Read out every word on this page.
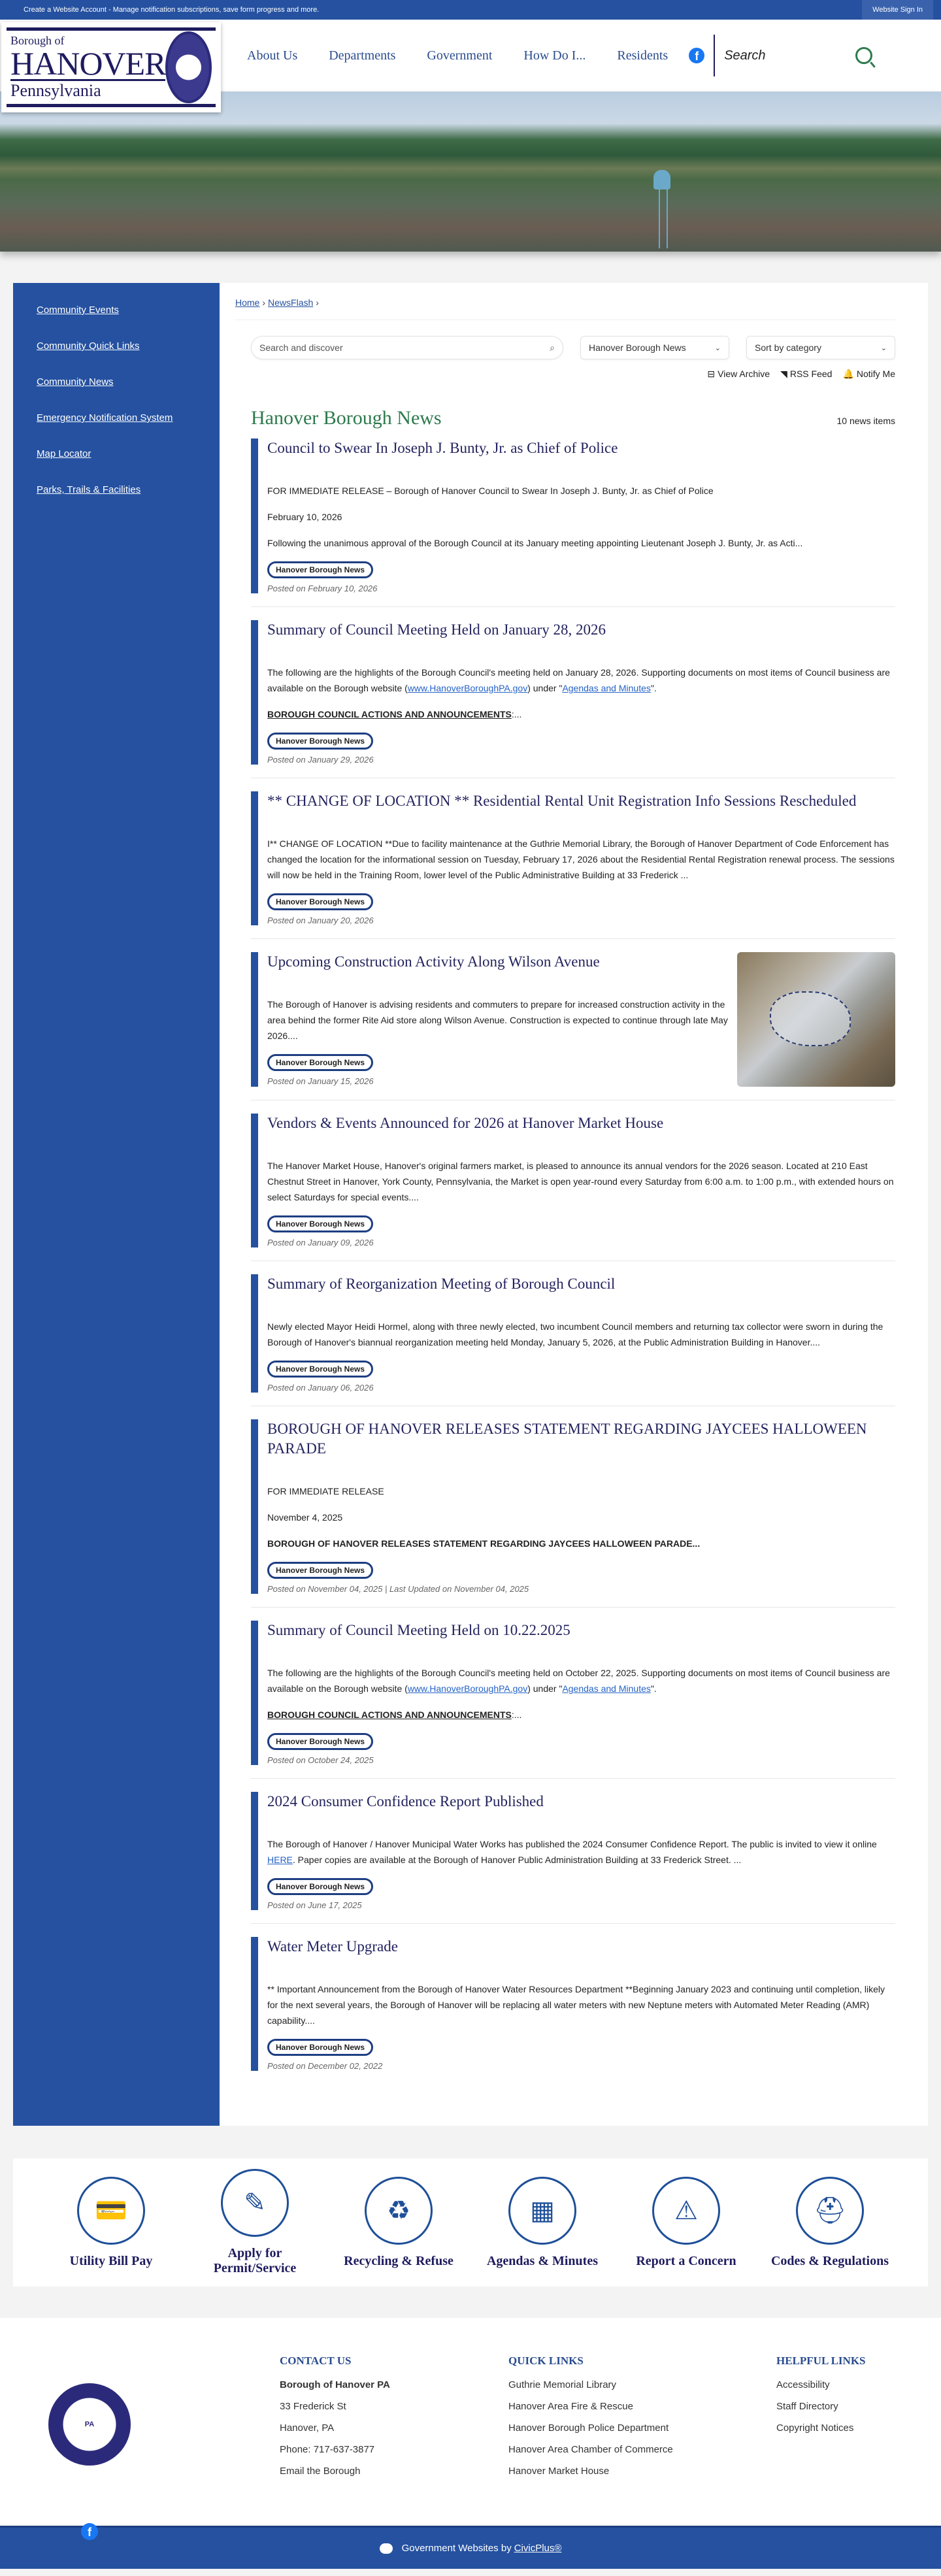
Create a Website Account - Manage notification subscriptions, save form progress and more.	Website Sign In
Borough of
HANOVER
Pennsylvania
About Us Departments Government How Do I... Residents	f	Search
Community Events
Community Quick Links
Community News
Emergency Notification System
Map Locator
Parks, Trails & Facilities
Home › NewsFlash ›
Search and discover	⌕	Hanover Borough News	⌄	Sort by category	⌄
⊟ View Archive ◥ RSS Feed 🔔 Notify Me
Hanover Borough News	10 news items
Council to Swear In Joseph J. Bunty, Jr. as Chief of Police

FOR IMMEDIATE RELEASE – Borough of Hanover Council to Swear In Joseph J. Bunty, Jr. as Chief of Police

February 10, 2026

Following the unanimous approval of the Borough Council at its January meeting appointing Lieutenant Joseph J. Bunty, Jr. as Acti...

Hanover Borough News
Posted on February 10, 2026
Summary of Council Meeting Held on January 28, 2026

The following are the highlights of the Borough Council's meeting held on January 28, 2026. Supporting documents on most items of Council business are available on the Borough website (www.HanoverBoroughPA.gov) under "Agendas and Minutes".

BOROUGH COUNCIL ACTIONS AND ANNOUNCEMENTS:...

Hanover Borough News
Posted on January 29, 2026
** CHANGE OF LOCATION ** Residential Rental Unit Registration Info Sessions Rescheduled

I** CHANGE OF LOCATION **Due to facility maintenance at the Guthrie Memorial Library, the Borough of Hanover Department of Code Enforcement has changed the location for the informational session on Tuesday, February 17, 2026 about the Residential Rental Registration renewal process. The sessions will now be held in the Training Room, lower level of the Public Administrative Building at 33 Frederick ...

Hanover Borough News
Posted on January 20, 2026
Upcoming Construction Activity Along Wilson Avenue

The Borough of Hanover is advising residents and commuters to prepare for increased construction activity in the area behind the former Rite Aid store along Wilson Avenue. Construction is expected to continue through late May 2026....

Hanover Borough News
Posted on January 15, 2026
Vendors & Events Announced for 2026 at Hanover Market House

The Hanover Market House, Hanover's original farmers market, is pleased to announce its annual vendors for the 2026 season. Located at 210 East Chestnut Street in Hanover, York County, Pennsylvania, the Market is open year-round every Saturday from 6:00 a.m. to 1:00 p.m., with extended hours on select Saturdays for special events....

Hanover Borough News
Posted on January 09, 2026
Summary of Reorganization Meeting of Borough Council

Newly elected Mayor Heidi Hormel, along with three newly elected, two incumbent Council members and returning tax collector were sworn in during the Borough of Hanover's biannual reorganization meeting held Monday, January 5, 2026, at the Public Administration Building in Hanover....

Hanover Borough News
Posted on January 06, 2026
BOROUGH OF HANOVER RELEASES STATEMENT REGARDING JAYCEES HALLOWEEN PARADE

FOR IMMEDIATE RELEASE

November 4, 2025

BOROUGH OF HANOVER RELEASES STATEMENT REGARDING JAYCEES HALLOWEEN PARADE...

Hanover Borough News
Posted on November 04, 2025 | Last Updated on November 04, 2025
Summary of Council Meeting Held on 10.22.2025

The following are the highlights of the Borough Council's meeting held on October 22, 2025. Supporting documents on most items of Council business are available on the Borough website (www.HanoverBoroughPA.gov) under "Agendas and Minutes".

BOROUGH COUNCIL ACTIONS AND ANNOUNCEMENTS:...

Hanover Borough News
Posted on October 24, 2025
2024 Consumer Confidence Report Published

The Borough of Hanover / Hanover Municipal Water Works has published the 2024 Consumer Confidence Report. The public is invited to view it online HERE. Paper copies are available at the Borough of Hanover Public Administration Building at 33 Frederick Street. ...

Hanover Borough News
Posted on June 17, 2025
Water Meter Upgrade

** Important Announcement from the Borough of Hanover Water Resources Department **Beginning January 2023 and continuing until completion, likely for the next several years, the Borough of Hanover will be replacing all water meters with new Neptune meters with Automated Meter Reading (AMR) capability....

Hanover Borough News
Posted on December 02, 2022
💳
Utility Bill Pay
✎
Apply for Permit/Service
♻
Recycling & Refuse
▦
Agendas & Minutes
⚠
Report a Concern
⛑
Codes & Regulations
PA
f
CONTACT US
Borough of Hanover PA
33 Frederick St
Hanover, PA
Phone: 717-637-3877
Email the Borough
QUICK LINKS
Guthrie Memorial Library
Hanover Area Fire & Rescue
Hanover Borough Police Department
Hanover Area Chamber of Commerce
Hanover Market House
HELPFUL LINKS
Accessibility
Staff Directory
Copyright Notices
Government Websites by CivicPlus®
